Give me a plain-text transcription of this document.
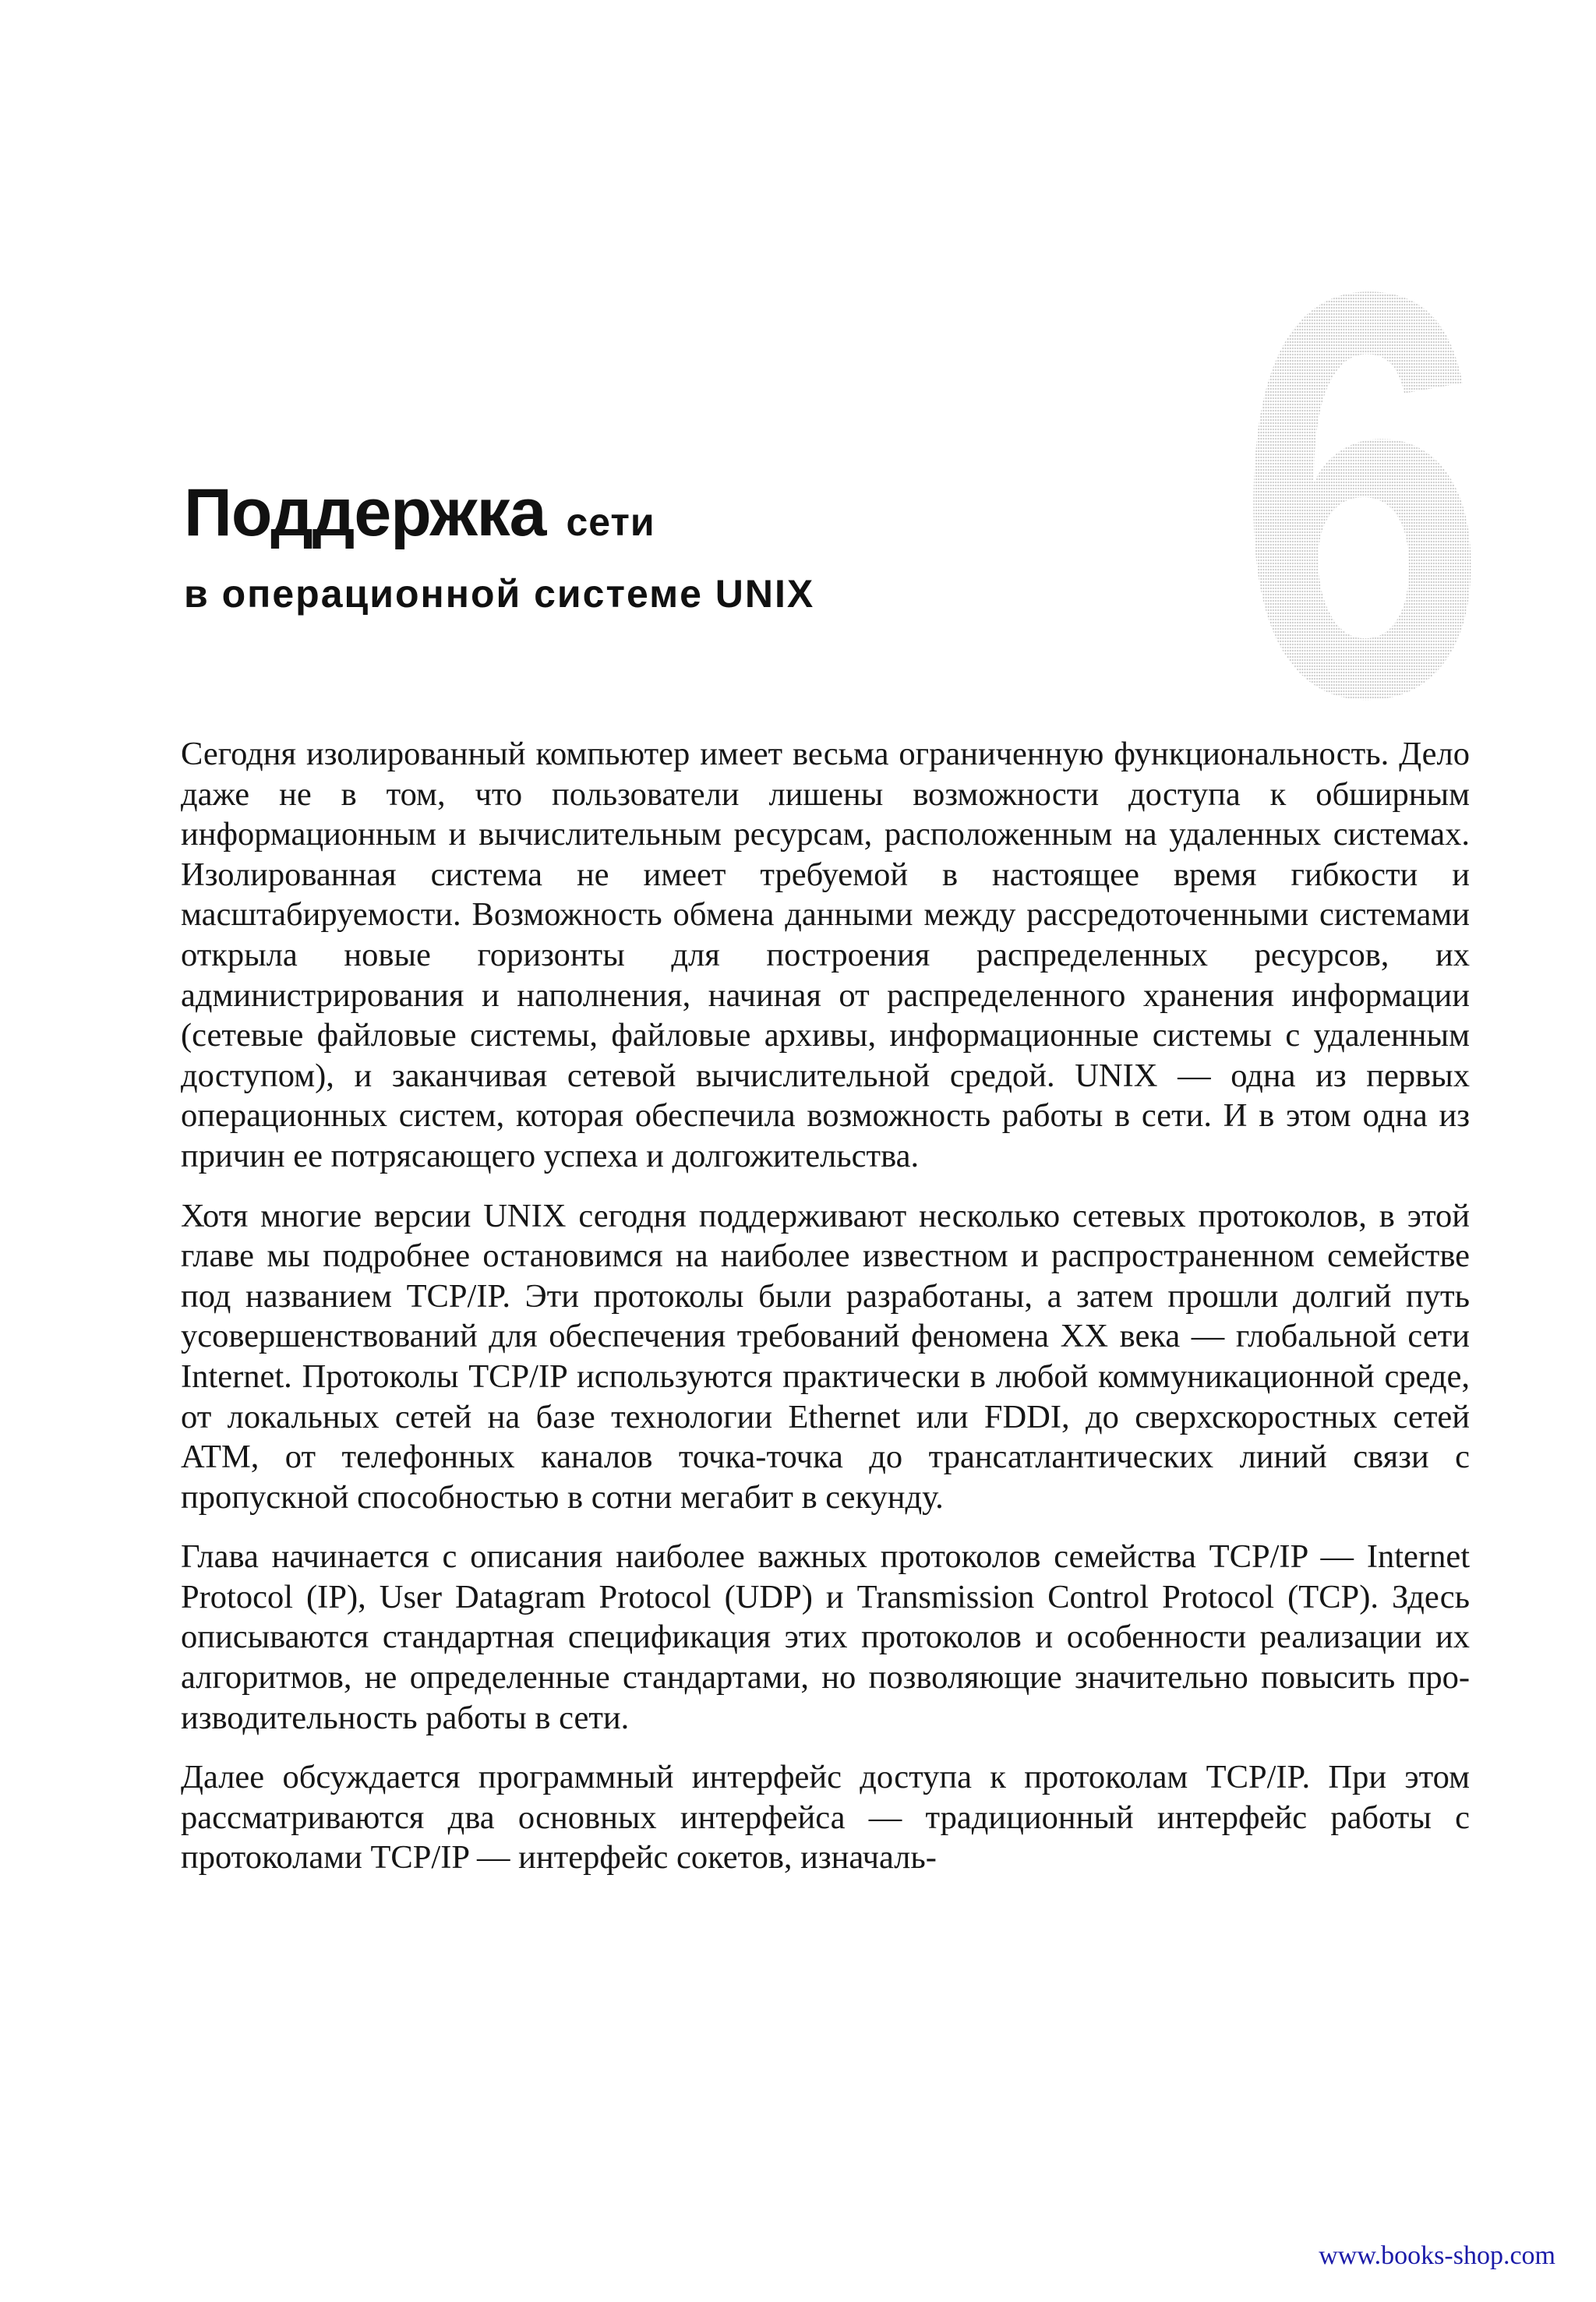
6
Поддержка сети
в операционной системе UNIX

Сегодня изолированный компьютер имеет весьма ограниченную функциональность. Дело даже не в том, что пользователи лишены возможности доступа к обширным информационным и вычислительным ресурсам, расположенным на удаленных системах. Изолированная система не имеет требуемой в настоящее время гибкости и масштабируемости. Возможность обмена данными между рассредоточенными системами открыла новые горизонты для построения распределенных ресурсов, их администрирования и наполнения, начиная от распределенного хранения информации (сетевые файловые системы, файловые архивы, информационные системы с удаленным доступом), и заканчивая сетевой вычислительной средой. UNIX — одна из первых операционных систем, которая обеспечила возможность работы в сети. И в этом одна из причин ее потрясающего успеха и долгожительства.

Хотя многие версии UNIX сегодня поддерживают несколько сетевых протоколов, в этой главе мы подробнее остановимся на наиболее известном и распространенном семействе под названием TCP/IP. Эти протоколы были разработаны, а затем прошли долгий путь усовершенствований для обеспечения требований феномена XX века — глобальной сети Internet. Протоколы TCP/IP используются практически в любой коммуникационной среде, от локальных сетей на базе технологии Ethernet или FDDI, до сверхскоростных сетей ATM, от телефонных каналов точка-точка до трансатлантических линий связи с пропускной способностью в сотни мегабит в секунду.

Глава начинается с описания наиболее важных протоколов семейства TCP/IP — Internet Protocol (IP), User Datagram Protocol (UDP) и Transmission Control Protocol (TCP). Здесь описываются стандартная спецификация этих протоколов и особенности реализации их алгоритмов, не определенные стандартами, но позволяющие значительно повысить производительность работы в сети.

Далее обсуждается программный интерфейс доступа к протоколам TCP/IP. При этом рассматриваются два основных интерфейса — традиционный интерфейс работы с протоколами TCP/IP — интерфейс сокетов, изначаль-

www.books-shop.com
